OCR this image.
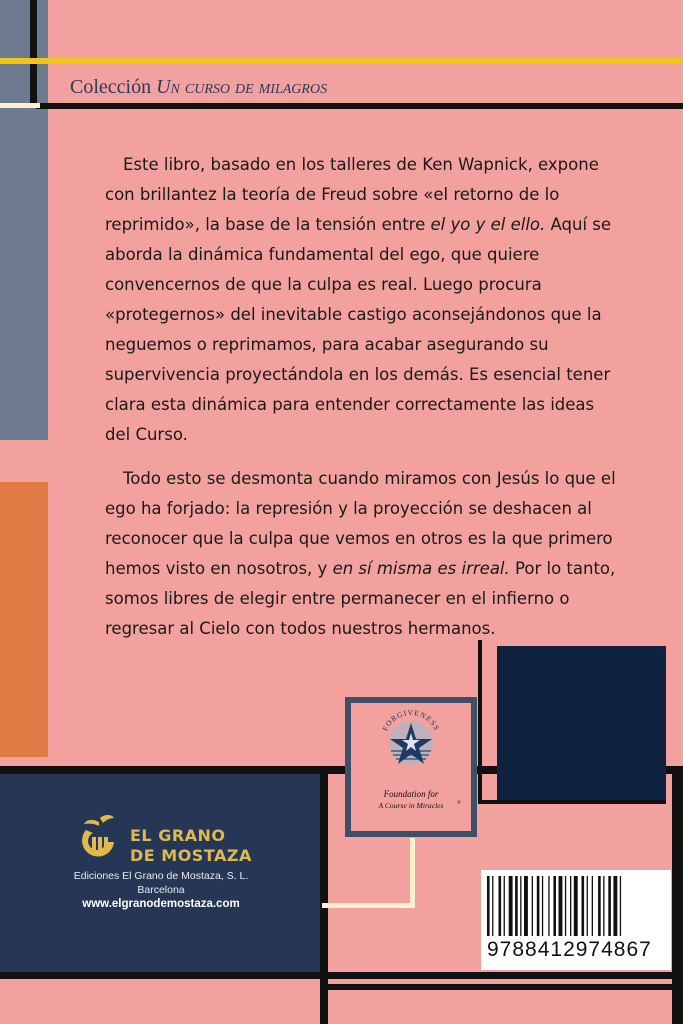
Colección Un curso de milagros

Este libro, basado en los talleres de Ken Wapnick, expone con brillantez la teoría de Freud sobre «el retorno de lo reprimido», la base de la tensión entre el yo y el ello. Aquí se aborda la dinámica fundamental del ego, que quiere convencernos de que la culpa es real. Luego procura «protegernos» del inevitable castigo aconsejándonos que la neguemos o reprimamos, para acabar asegurando su supervivencia proyectándola en los demás. Es esencial tener clara esta dinámica para entender correctamente las ideas del Curso.

Todo esto se desmonta cuando miramos con Jesús lo que el ego ha forjado: la represión y la proyección se deshacen al reconocer que la culpa que vemos en otros es la que primero hemos visto en nosotros, y en sí misma es irreal. Por lo tanto, somos libres de elegir entre permanecer en el infierno o regresar al Cielo con todos nuestros hermanos.

FORGIVENESS
Foundation for
A Course in Miracles	®
EL GRANO
DE MOSTAZA
Ediciones El Grano de Mostaza, S. L.
Barcelona
www.elgranodemostaza.com
9788412974867
